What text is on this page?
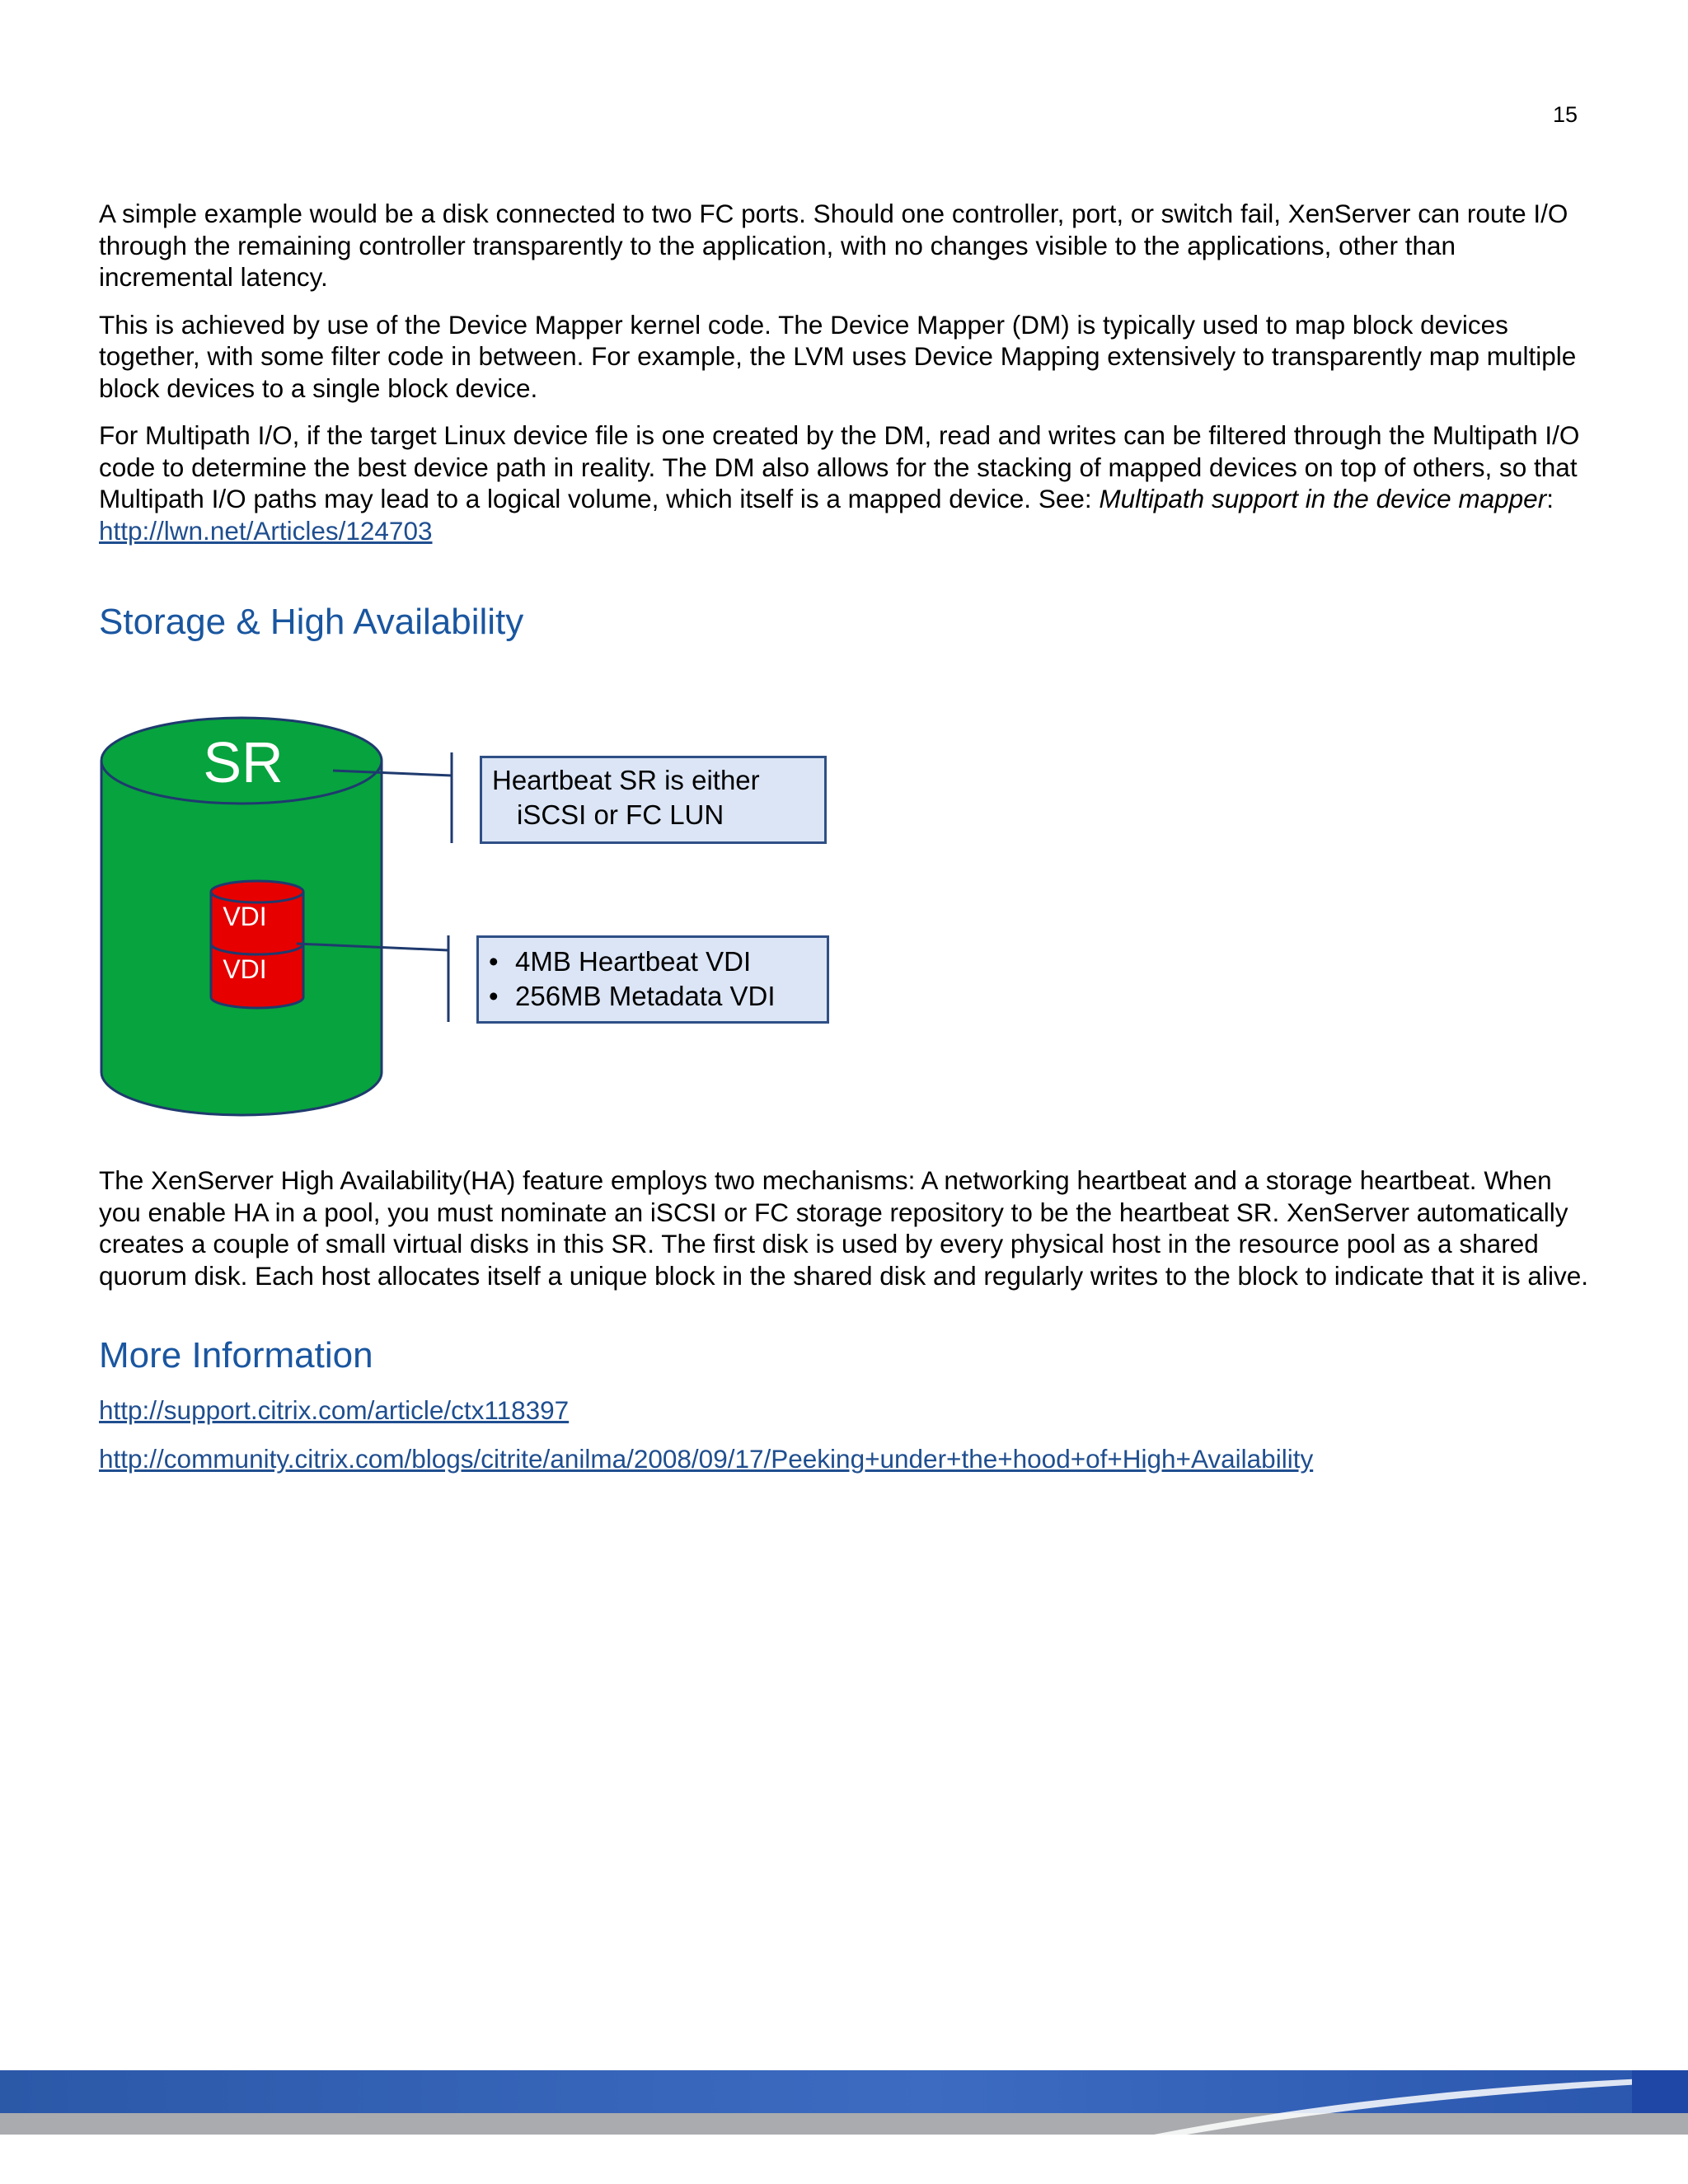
15

A simple example would be a disk connected to two FC ports. Should one controller, port, or switch fail, XenServer can route I/O through the remaining controller transparently to the application, with no changes visible to the applications, other than incremental latency.

This is achieved by use of the Device Mapper kernel code. The Device Mapper (DM) is typically used to map block devices together, with some filter code in between. For example, the LVM uses Device Mapping extensively to transparently map multiple block devices to a single block device.

For Multipath I/O, if the target Linux device file is one created by the DM, read and writes can be filtered through the Multipath I/O code to determine the best device path in reality. The DM also allows for the stacking of mapped devices on top of others, so that Multipath I/O paths may lead to a logical volume, which itself is a mapped device. See: Multipath support in the device mapper: http://lwn.net/Articles/124703

Storage & High Availability
SR
VDI
VDI
Heartbeat SR is either
iSCSI or FC LUN
• 4MB Heartbeat VDI
• 256MB Metadata VDI

The XenServer High Availability(HA) feature employs two mechanisms: A networking heartbeat and a storage heartbeat. When you enable HA in a pool, you must nominate an iSCSI or FC storage repository to be the heartbeat SR. XenServer automatically creates a couple of small virtual disks in this SR. The first disk is used by every physical host in the resource pool as a shared quorum disk. Each host allocates itself a unique block in the shared disk and regularly writes to the block to indicate that it is alive.

More Information

http://support.citrix.com/article/ctx118397

http://community.citrix.com/blogs/citrite/anilma/2008/09/17/Peeking+under+the+hood+of+High+Availability
